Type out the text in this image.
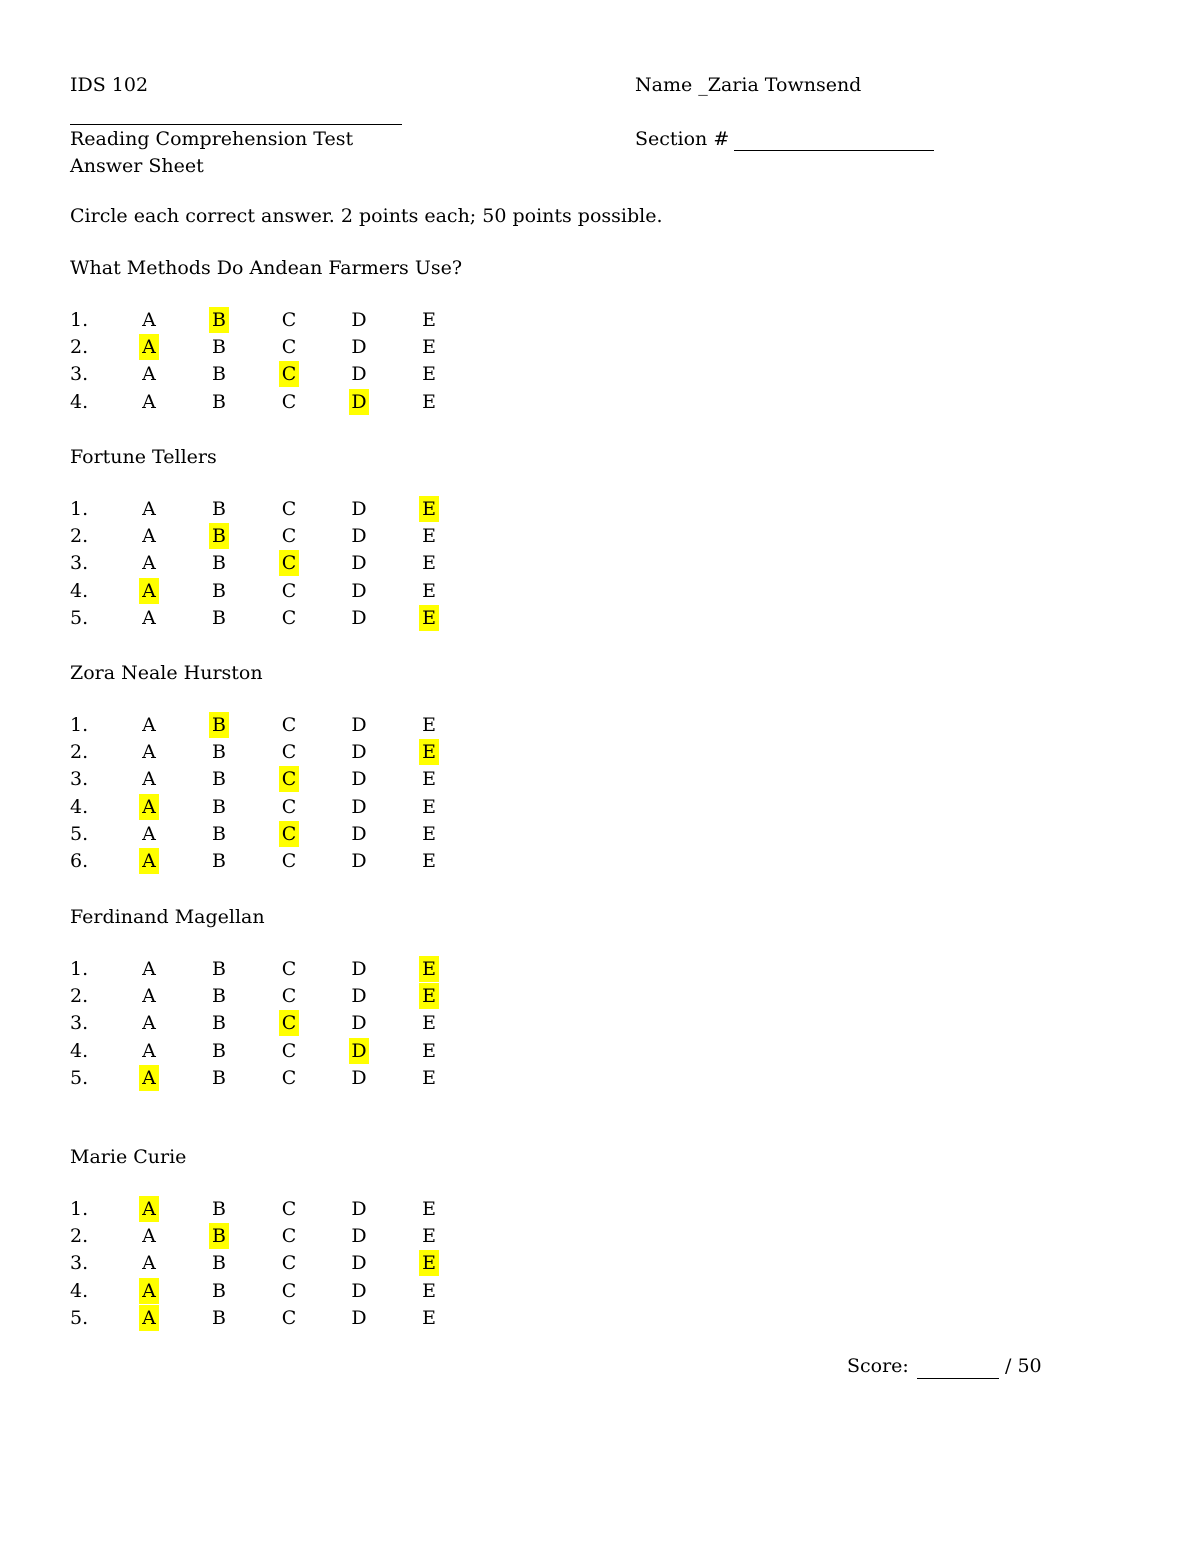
IDS 102	Name _Zaria Townsend
Reading Comprehension Test	Section #
Answer Sheet
Circle each correct answer. 2 points each; 50 points possible.
What Methods Do Andean Farmers Use?
1.	A	B	C	D	E
2.	A	B	C	D	E
3.	A	B	C	D	E
4.	A	B	C	D	E
Fortune Tellers
1.	A	B	C	D	E
2.	A	B	C	D	E
3.	A	B	C	D	E
4.	A	B	C	D	E
5.	A	B	C	D	E
Zora Neale Hurston
1.	A	B	C	D	E
2.	A	B	C	D	E
3.	A	B	C	D	E
4.	A	B	C	D	E
5.	A	B	C	D	E
6.	A	B	C	D	E
Ferdinand Magellan
1.	A	B	C	D	E
2.	A	B	C	D	E
3.	A	B	C	D	E
4.	A	B	C	D	E
5.	A	B	C	D	E
Marie Curie
1.	A	B	C	D	E
2.	A	B	C	D	E
3.	A	B	C	D	E
4.	A	B	C	D	E
5.	A	B	C	D	E
Score:	/ 50
